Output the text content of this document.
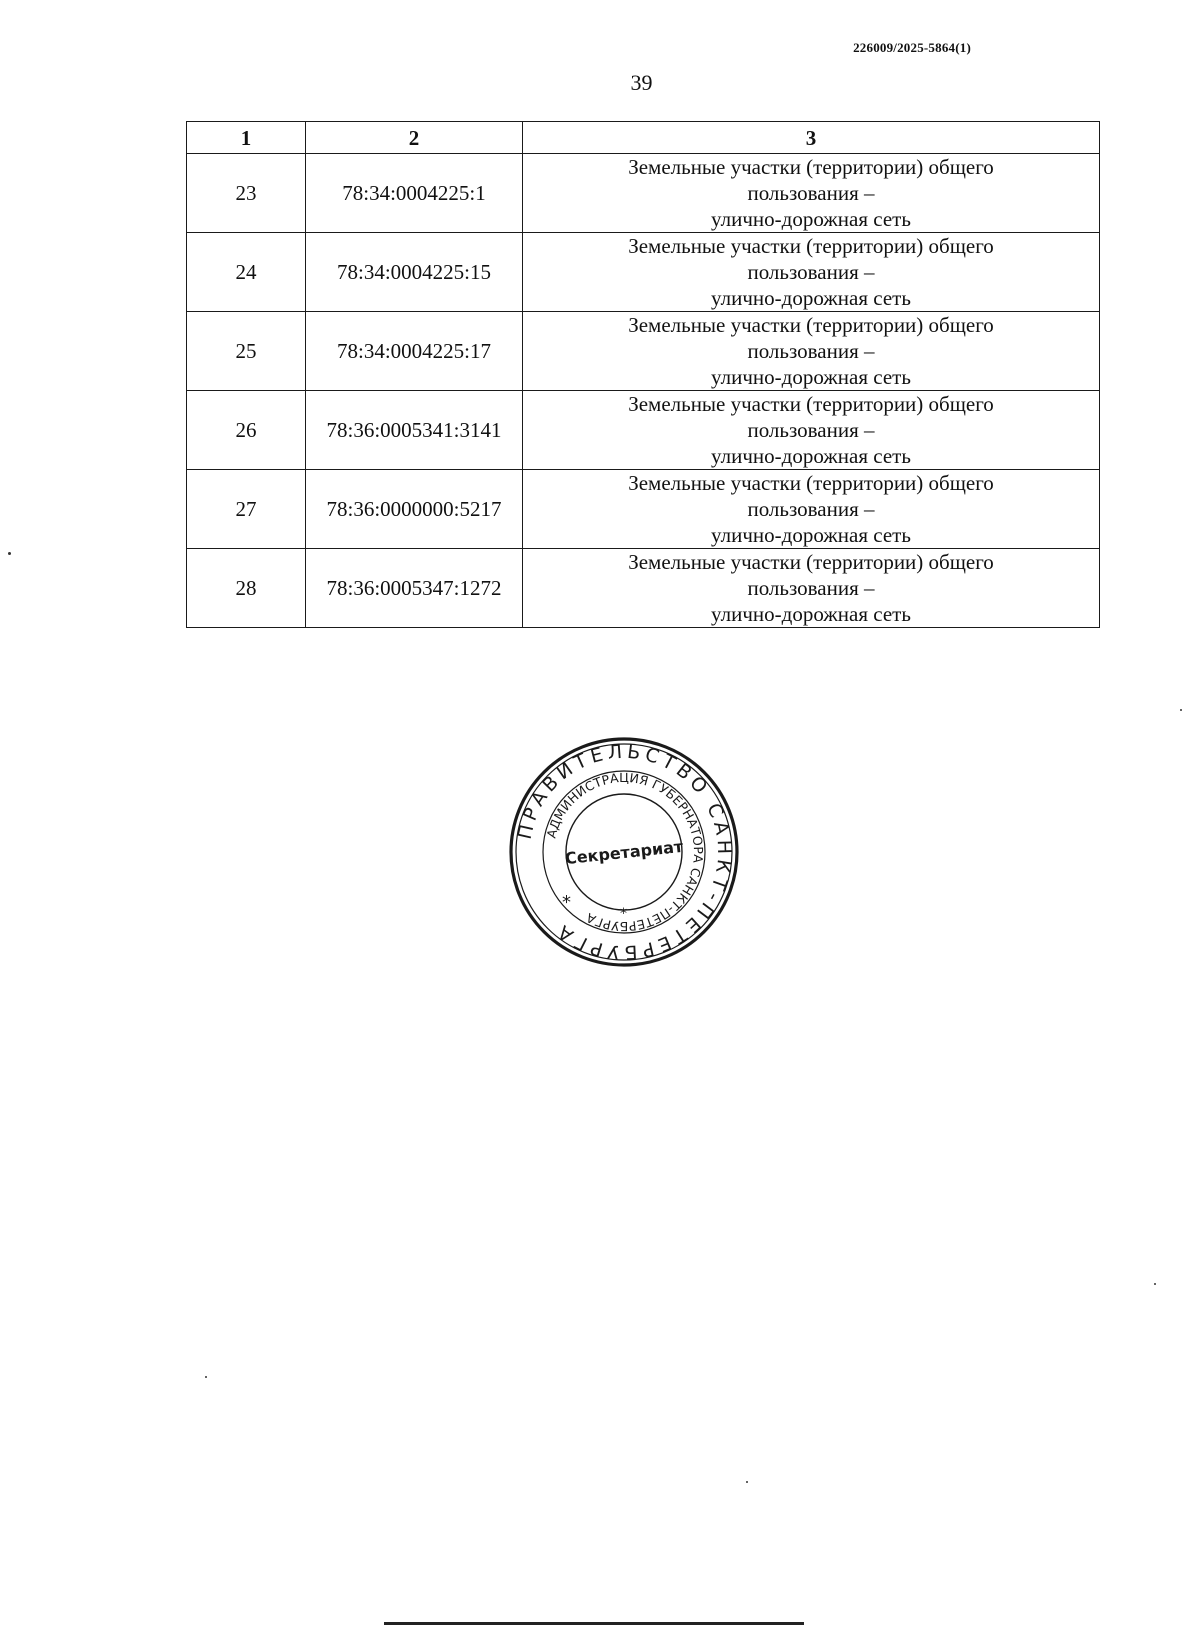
226009/2025-5864(1)
39
1	2	3
23	78:34:0004225:1	Земельные участки (территории) общего
пользования –
улично-дорожная сеть
24	78:34:0004225:15	Земельные участки (территории) общего
пользования –
улично-дорожная сеть
25	78:34:0004225:17	Земельные участки (территории) общего
пользования –
улично-дорожная сеть
26	78:36:0005341:3141	Земельные участки (территории) общего
пользования –
улично-дорожная сеть
27	78:36:0000000:5217	Земельные участки (территории) общего
пользования –
улично-дорожная сеть
28	78:36:0005347:1272	Земельные участки (территории) общего
пользования –
улично-дорожная сеть
ПРАВИТЕЛЬСТВО САНКТ-ПЕТЕРБУРГА
АДМИНИСТРАЦИЯ ГУБЕРНАТОРА САНКТ-ПЕТЕРБУРГА
*
*
Секретариат
